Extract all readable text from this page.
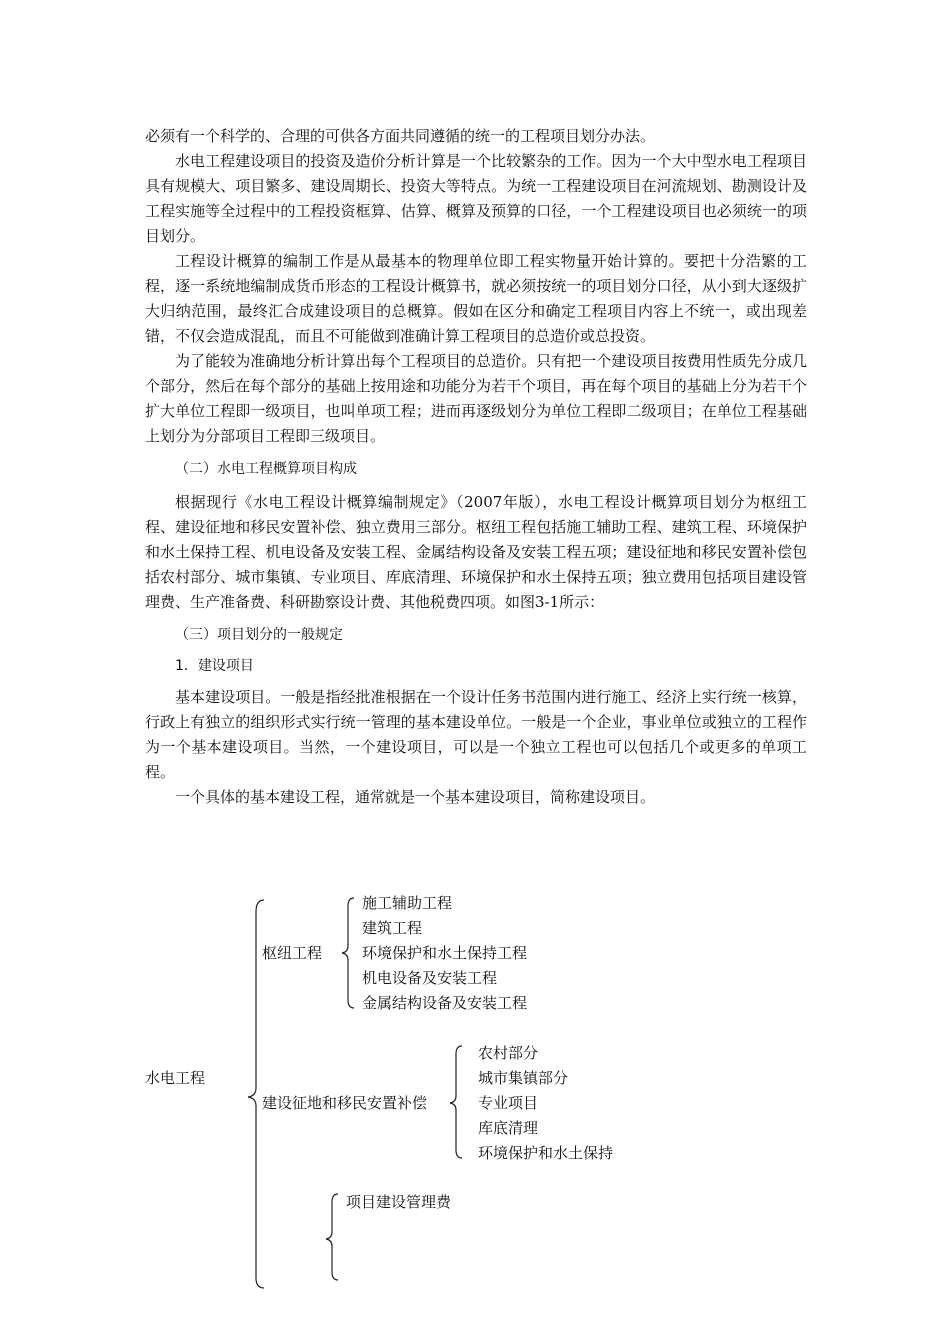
必须有一个科学的、合理的可供各方面共同遵循的统一的工程项目划分办法。

水电工程建设项目的投资及造价分析计算是一个比较繁杂的工作。因为一个大中型水电工程项目具有规模大、项目繁多、建设周期长、投资大等特点。为统一工程建设项目在河流规划、勘测设计及工程实施等全过程中的工程投资框算、估算、概算及预算的口径，一个工程建设项目也必须统一的项目划分。

工程设计概算的编制工作是从最基本的物理单位即工程实物量开始计算的。要把十分浩繁的工程，逐一系统地编制成货币形态的工程设计概算书，就必须按统一的项目划分口径，从小到大逐级扩大归纳范围，最终汇合成建设项目的总概算。假如在区分和确定工程项目内容上不统一，或出现差错，不仅会造成混乱，而且不可能做到准确计算工程项目的总造价或总投资。

为了能较为准确地分析计算出每个工程项目的总造价。只有把一个建设项目按费用性质先分成几个部分，然后在每个部分的基础上按用途和功能分为若干个项目，再在每个项目的基础上分为若干个扩大单位工程即一级项目，也叫单项工程；进而再逐级划分为单位工程即二级项目；在单位工程基础上划分为分部项目工程即三级项目。

（二）水电工程概算项目构成

根据现行《水电工程设计概算编制规定》（2007年版），水电工程设计概算项目划分为枢纽工程、建设征地和移民安置补偿、独立费用三部分。枢纽工程包括施工辅助工程、建筑工程、环境保护和水土保持工程、机电设备及安装工程、金属结构设备及安装工程五项；建设征地和移民安置补偿包括农村部分、城市集镇、专业项目、库底清理、环境保护和水土保持五项；独立费用包括项目建设管理费、生产准备费、科研勘察设计费、其他税费四项。如图3-1所示：

（三）项目划分的一般规定
1．建设项目

基本建设项目。一般是指经批准根据在一个设计任务书范围内进行施工、经济上实行统一核算，行政上有独立的组织形式实行统一管理的基本建设单位。一般是一个企业，事业单位或独立的工程作为一个基本建设项目。当然，一个建设项目，可以是一个独立工程也可以包括几个或更多的单项工程。

一个具体的基本建设工程，通常就是一个基本建设项目，简称建设项目。

水电工程
枢纽工程
施工辅助工程
建筑工程
环境保护和水土保持工程
机电设备及安装工程
金属结构设备及安装工程
建设征地和移民安置补偿
农村部分
城市集镇部分
专业项目
库底清理
环境保护和水土保持
项目建设管理费
